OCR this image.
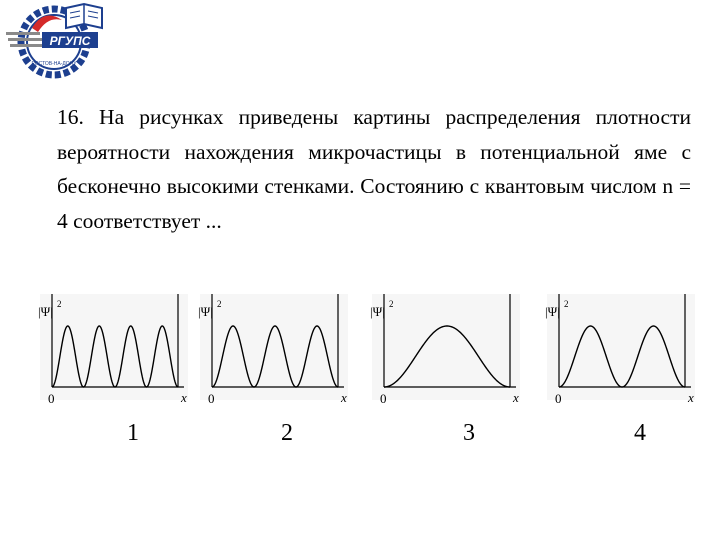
РГУПС
РОСТОВ-НА-ДОНУ

16. На рисунках приведены картины распределения плотности вероятности нахождения микрочастицы в потенциальной яме с бесконечно высокими стенками. Состоянию с квантовым числом n = 4 соответствует ...

|Ψ| 2
0	x
|Ψ| 2
0	x
|Ψ| 2
0	x
|Ψ| 2
0	x
1	2	3	4
